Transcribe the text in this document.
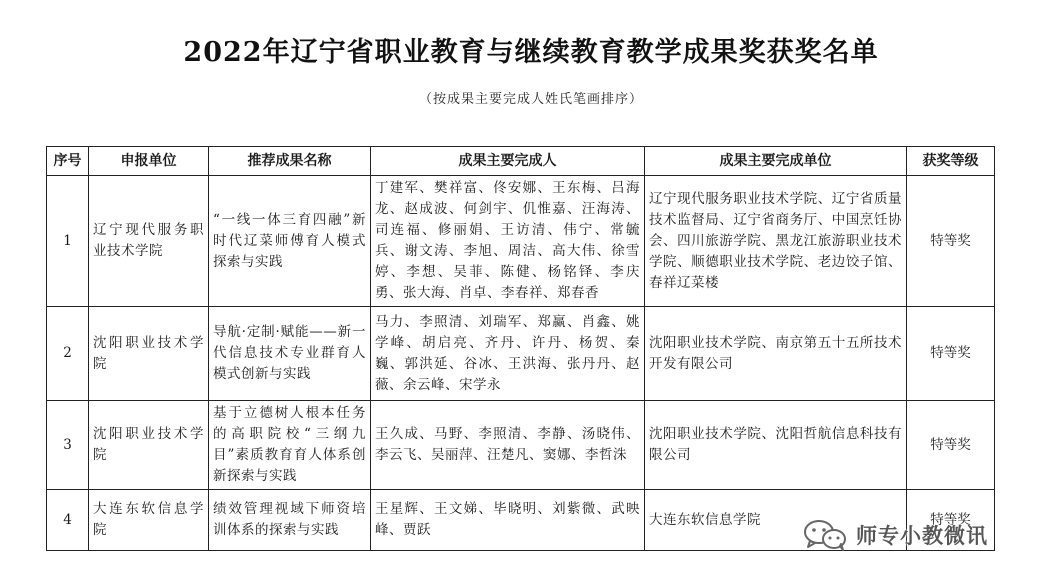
2022年辽宁省职业教育与继续教育教学成果奖获奖名单
（按成果主要完成人姓氏笔画排序）
序号	申报单位	推荐成果名称	成果主要完成人	成果主要完成单位	获奖等级
1	辽宁现代服务职业技术学院	“一线一体三育四融”新时代辽菜师傅育人模式探索与实践	丁建军、樊祥富、佟安娜、王东梅、吕海龙、赵成波、何剑宇、仉惟嘉、汪海涛、司连福、修丽娟、王访清、伟宁、常毓兵、谢文涛、李旭、周洁、高大伟、徐雪婷、李想、吴菲、陈健、杨铭铎、李庆勇、张大海、肖卓、李春祥、郑春香	辽宁现代服务职业技术学院、辽宁省质量技术监督局、辽宁省商务厅、中国烹饪协会、四川旅游学院、黑龙江旅游职业技术学院、顺德职业技术学院、老边饺子馆、春祥辽菜楼	特等奖
2	沈阳职业技术学院	导航·定制·赋能——新一代信息技术专业群育人模式创新与实践	马力、李照清、刘瑞军、郑赢、肖鑫、姚学峰、胡启亮、齐丹、许丹、杨贺、秦巍、郭洪延、谷冰、王洪海、张丹丹、赵薇、余云峰、宋学永	沈阳职业技术学院、南京第五十五所技术开发有限公司	特等奖
3	沈阳职业技术学院	基于立德树人根本任务的高职院校“三纲九目”素质教育育人体系创新探索与实践	王久成、马野、李照清、李静、汤晓伟、李云飞、吴丽萍、汪楚凡、窦娜、李哲洙	沈阳职业技术学院、沈阳哲航信息科技有限公司	特等奖
4	大连东软信息学院	绩效管理视域下师资培训体系的探索与实践	王星辉、王文娣、毕晓明、刘紫微、武映峰、贾跃	大连东软信息学院	特等奖
师专小教微讯
